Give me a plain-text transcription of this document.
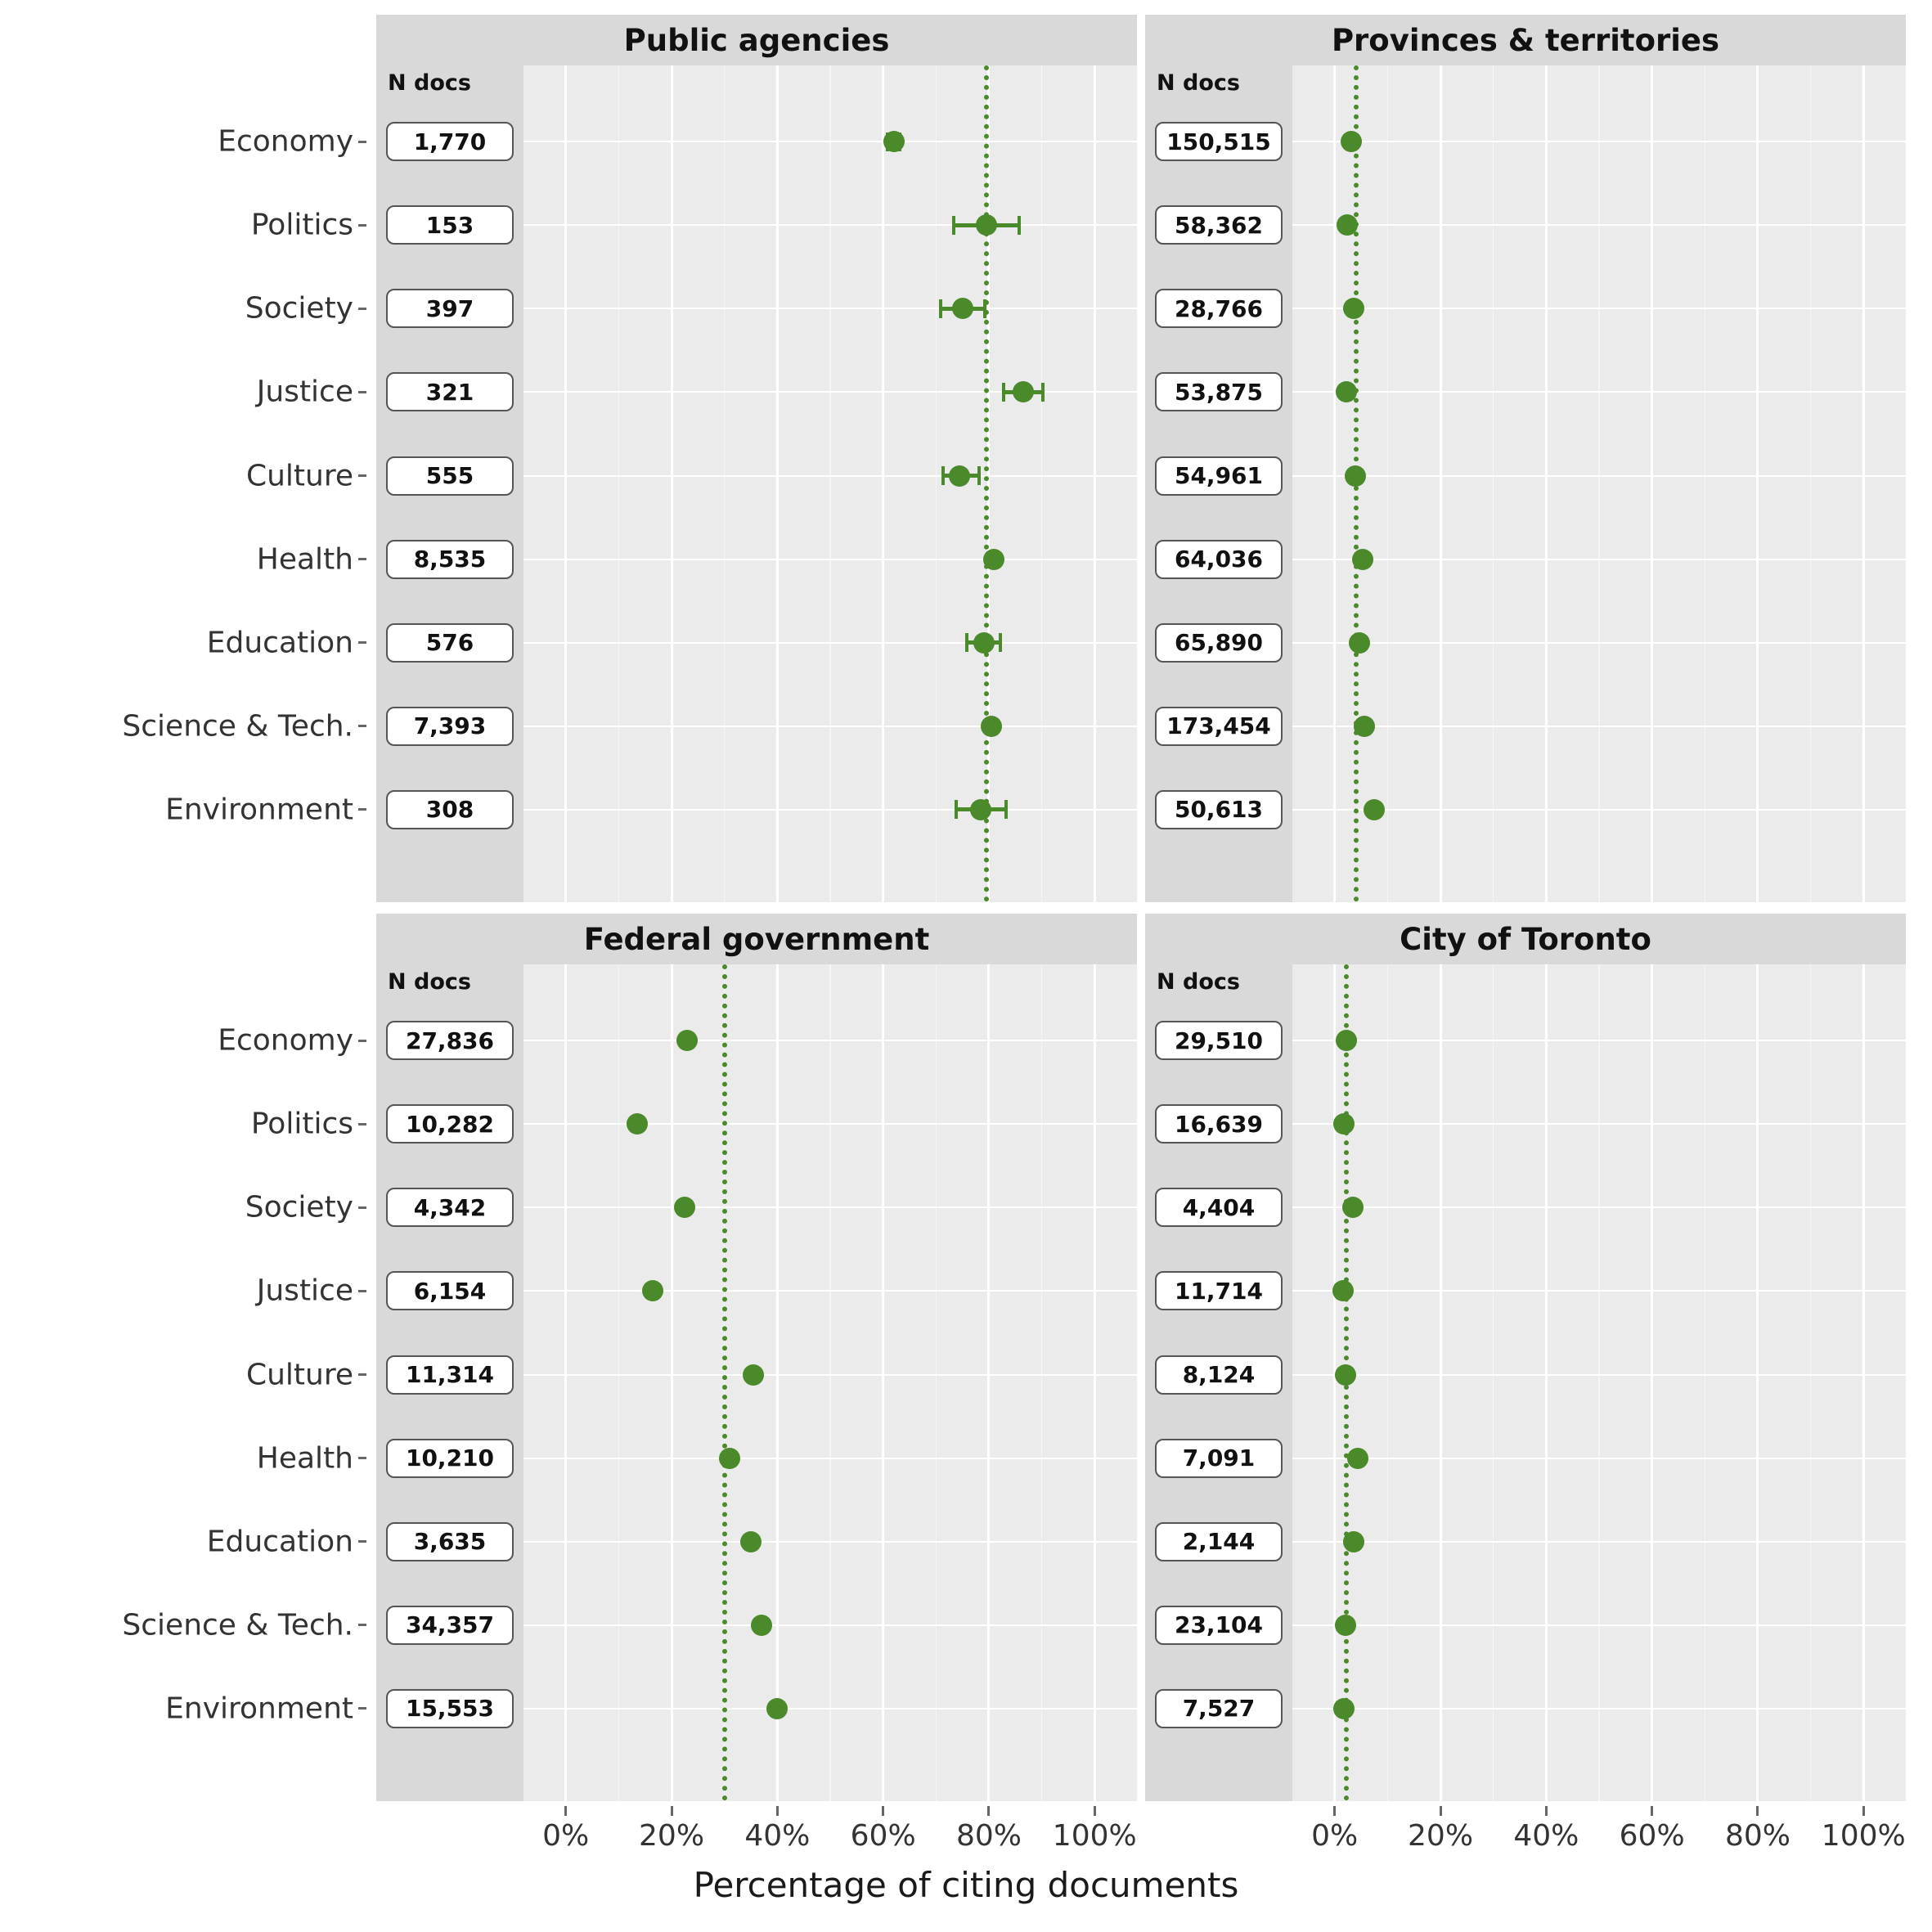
Public agencies
N docs
1,770
153
397
321
555
8,535
576
7,393
308
Economy
Politics
Society
Justice
Culture
Health
Education
Science & Tech.
Environment
Provinces & territories
N docs
150,515
58,362
28,766
53,875
54,961
64,036
65,890
173,454
50,613
Federal government
N docs
27,836
10,282
4,342
6,154
11,314
10,210
3,635
34,357
15,553
Economy
Politics
Society
Justice
Culture
Health
Education
Science & Tech.
Environment
City of Toronto
N docs
29,510
16,639
4,404
11,714
8,124
7,091
2,144
23,104
7,527
0% 20% 40% 60% 80% 100%	0% 20% 40% 60% 80% 100%
Percentage of citing documents
